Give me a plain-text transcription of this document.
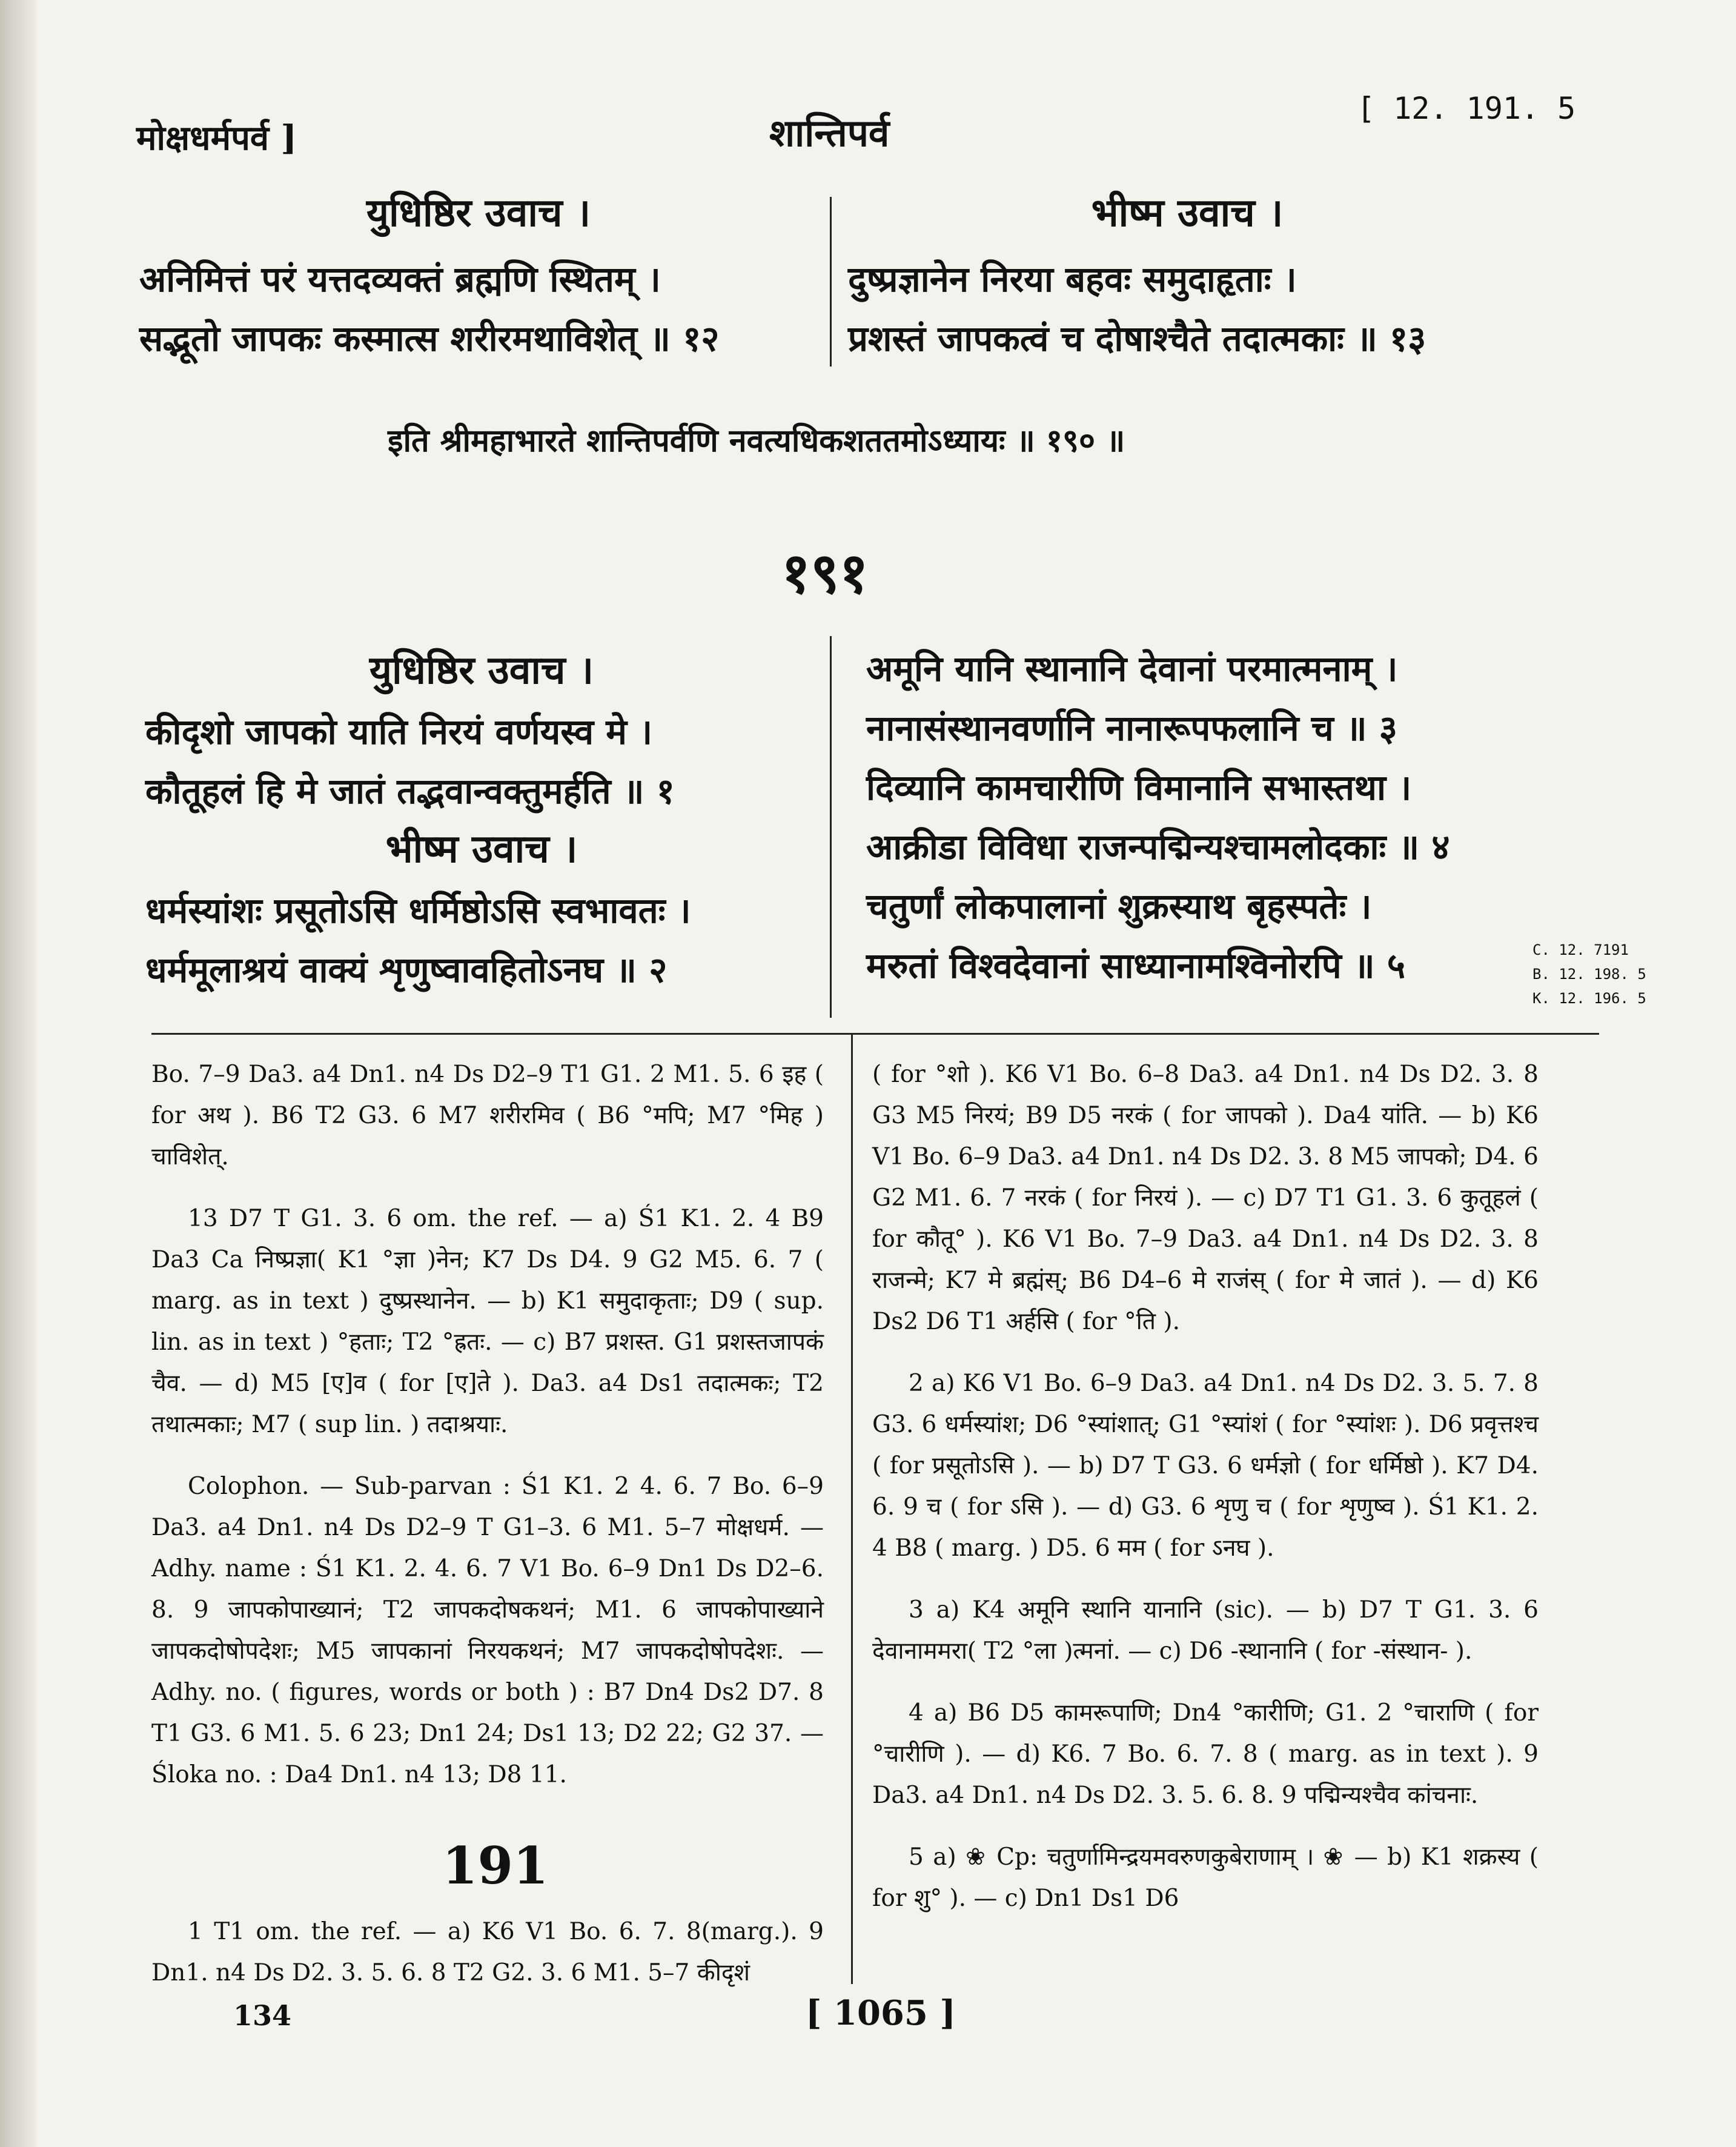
मोक्षधर्मपर्व ]	शान्तिपर्व
[ 12. 191. 5
युधिष्ठिर उवाच ।
अनिमित्तं परं यत्तदव्यक्तं ब्रह्मणि स्थितम् ।
सद्भूतो जापकः कस्मात्स शरीरमथाविशेत् ॥ १२
भीष्म उवाच ।
दुष्प्रज्ञानेन निरया बहवः समुदाहृताः ।
प्रशस्तं जापकत्वं च दोषाश्चैते तदात्मकाः ॥ १३
इति श्रीमहाभारते शान्तिपर्वणि नवत्यधिकशततमोऽध्यायः ॥ १९० ॥
१९१
युधिष्ठिर उवाच ।
कीदृशो जापको याति निरयं वर्णयस्व मे ।
कौतूहलं हि मे जातं तद्भवान्वक्तुमर्हति ॥ १
भीष्म उवाच ।
धर्मस्यांशः प्रसूतोऽसि धर्मिष्ठोऽसि स्वभावतः ।
धर्ममूलाश्रयं वाक्यं शृणुष्वावहितोऽनघ ॥ २
अमूनि यानि स्थानानि देवानां परमात्मनाम् ।
नानासंस्थानवर्णानि नानारूपफलानि च ॥ ३
दिव्यानि कामचारीणि विमानानि सभास्तथा ।
आक्रीडा विविधा राजन्पद्मिन्यश्चामलोदकाः ॥ ४
चतुर्णां लोकपालानां शुक्रस्याथ बृहस्पतेः ।
मरुतां विश्वदेवानां साध्यानामश्विनोरपि ॥ ५	C. 12. 7191
B. 12. 198. 5
K. 12. 196. 5

Bo. 7–9 Da3. a4 Dn1. n4 Ds D2–9 T1 G1. 2 M1. 5. 6 इह ( for अथ ). B6 T2 G3. 6 M7 शरीरमिव ( B6 °मपि; M7 °मिह ) चाविशेत्.

13 D7 T G1. 3. 6 om. the ref. — a) Ś1 K1. 2. 4 B9 Da3 Ca निष्प्रज्ञा( K1 °ज्ञा )नेन; K7 Ds D4. 9 G2 M5. 6. 7 ( marg. as in text ) दुष्प्रस्थानेन. — b) K1 समुदाकृताः; D9 ( sup. lin. as in text ) °हताः; T2 °ह्रतः. — c) B7 प्रशस्त. G1 प्रशस्तजापकं चैव. — d) M5 [ए]व ( for [ए]ते ). Da3. a4 Ds1 तदात्मकः; T2 तथात्मकाः; M7 ( sup lin. ) तदाश्रयाः.

Colophon. — Sub-parvan : Ś1 K1. 2 4. 6. 7 Bo. 6–9 Da3. a4 Dn1. n4 Ds D2–9 T G1–3. 6 M1. 5–7 मोक्षधर्म. — Adhy. name : Ś1 K1. 2. 4. 6. 7 V1 Bo. 6–9 Dn1 Ds D2–6. 8. 9 जापकोपाख्यानं; T2 जापकदोषकथनं; M1. 6 जापकोपाख्याने जापकदोषोपदेशः; M5 जापकानां निरयकथनं; M7 जापकदोषोपदेशः. — Adhy. no. ( figures, words or both ) : B7 Dn4 Ds2 D7. 8 T1 G3. 6 M1. 5. 6 23; Dn1 24; Ds1 13; D2 22; G2 37. — Śloka no. : Da4 Dn1. n4 13; D8 11.

191

1 T1 om. the ref. — a) K6 V1 Bo. 6. 7. 8(marg.). 9 Dn1. n4 Ds D2. 3. 5. 6. 8 T2 G2. 3. 6 M1. 5–7 कीदृशं

( for °शो ). K6 V1 Bo. 6–8 Da3. a4 Dn1. n4 Ds D2. 3. 8 G3 M5 निरयं; B9 D5 नरकं ( for जापको ). Da4 यांति. — b) K6 V1 Bo. 6–9 Da3. a4 Dn1. n4 Ds D2. 3. 8 M5 जापको; D4. 6 G2 M1. 6. 7 नरकं ( for निरयं ). — c) D7 T1 G1. 3. 6 कुतूहलं ( for कौतू° ). K6 V1 Bo. 7–9 Da3. a4 Dn1. n4 Ds D2. 3. 8 राजन्मे; K7 मे ब्रह्मंस्; B6 D4–6 मे राजंस् ( for मे जातं ). — d) K6 Ds2 D6 T1 अर्हसि ( for °ति ).

2 a) K6 V1 Bo. 6–9 Da3. a4 Dn1. n4 Ds D2. 3. 5. 7. 8 G3. 6 धर्मस्यांश; D6 °स्यांशात्; G1 °स्यांशं ( for °स्यांशः ). D6 प्रवृत्तश्च ( for प्रसूतोऽसि ). — b) D7 T G3. 6 धर्मज्ञो ( for धर्मिष्ठो ). K7 D4. 6. 9 च ( for ऽसि ). — d) G3. 6 शृणु च ( for शृणुष्व ). Ś1 K1. 2. 4 B8 ( marg. ) D5. 6 मम ( for ऽनघ ).

3 a) K4 अमूनि स्थानि यानानि (sic). — b) D7 T G1. 3. 6 देवानाममरा( T2 °ला )त्मनां. — c) D6 -स्थानानि ( for -संस्थान- ).

4 a) B6 D5 कामरूपाणि; Dn4 °कारीणि; G1. 2 °चाराणि ( for °चारीणि ). — d) K6. 7 Bo. 6. 7. 8 ( marg. as in text ). 9 Da3. a4 Dn1. n4 Ds D2. 3. 5. 6. 8. 9 पद्मिन्यश्चैव कांचनाः.

5 a) ❀ Cp: चतुर्णामिन्द्रयमवरुणकुबेराणाम् । ❀ — b) K1 शक्रस्य ( for शु° ). — c) Dn1 Ds1 D6

134	[ 1065 ]
